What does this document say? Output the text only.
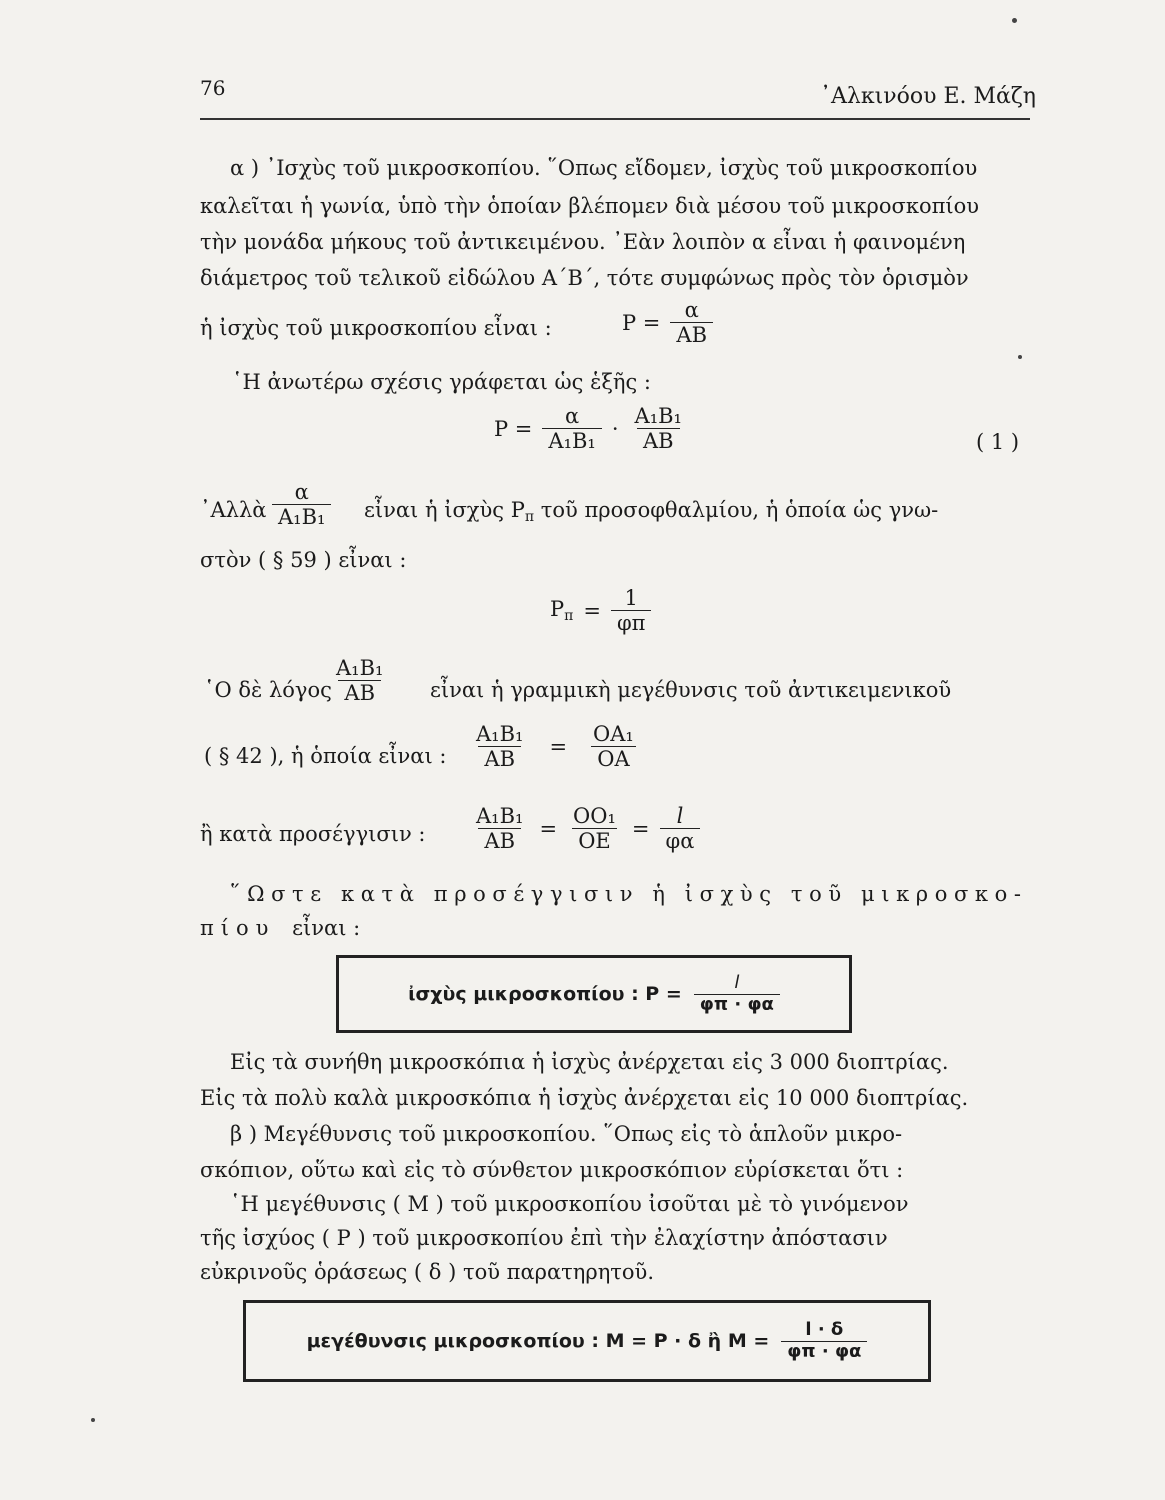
76	᾽Αλκινόου Ε. Μάζη
α ) ᾽Ισχὺς τοῦ μικροσκοπίου. ῞Οπως εἴδομεν, ἰσχὺς τοῦ μικροσκοπίου
καλεῖται ἡ γωνία, ὑπὸ τὴν ὁποίαν βλέπομεν διὰ μέσου τοῦ μικροσκοπίου
τὴν μονάδα μήκους τοῦ ἀντικειμένου. ᾽Εὰν λοιπὸν α εἶναι ἡ φαινομένη
διάμετρος τοῦ τελικοῦ εἰδώλου Α΄Β΄, τότε συμφώνως πρὸς τὸν ὁρισμὸν
ἡ ἰσχὺς τοῦ μικροσκοπίου εἶναι :	$P = \frac{\alpha}{AB}$
῾Η ἀνωτέρω σχέσις γράφεται ὡς ἑξῆς :
$P = \frac{\alpha}{\text{A₁B₁}} \cdot \frac{\text{A₁B₁}}{AB}$	( 1 )
᾽Αλλὰ $\frac{\alpha}{\text{A₁B₁}}$ εἶναι ἡ ἰσχὺς $P_\pi$ τοῦ προσοφθαλμίου, ἡ ὁποία ὡς γνω-
στὸν ( § 59 ) εἶναι :
$P_\pi = \frac{1}{\varphi\pi}$
῾Ο δὲ λόγος
$\frac{\text{A₁B₁}}{AB}$ εἶναι ἡ γραμμικὴ μεγέθυνσις τοῦ ἀντικειμενικοῦ
( § 42 ), ἡ ὁποία εἶναι : $\frac{\text{A₁B₁}}{AB} = \frac{\text{OA₁}}{OA}$
ἢ κατὰ προσέγγισιν : $\frac{\text{A₁B₁}}{AB} = \frac{\text{OO₁}}{OE} = \frac{l}{\varphi\alpha}$
῞Ωστε κατὰ προσέγγισιν ἡ ἰσχὺς τοῦ μικροσκο-
πίου εἶναι :
ἰσχὺς μικροσκοπίου : $P = \frac{l}{\varphi\pi \cdot \varphi\alpha}$
Εἰς τὰ συνήθη μικροσκόπια ἡ ἰσχὺς ἀνέρχεται εἰς 3 000 διοπτρίας.
Εἰς τὰ πολὺ καλὰ μικροσκόπια ἡ ἰσχὺς ἀνέρχεται εἰς 10 000 διοπτρίας.
β ) Μεγέθυνσις τοῦ μικροσκοπίου. ῞Οπως εἰς τὸ ἁπλοῦν μικρο-
σκόπιον, οὕτω καὶ εἰς τὸ σύνθετον μικροσκόπιον εὑρίσκεται ὅτι :
῾Η μεγέθυνσις ( M ) τοῦ μικροσκοπίου ἰσοῦται μὲ τὸ γινόμενον
τῆς ἰσχύος ( P ) τοῦ μικροσκοπίου ἐπὶ τὴν ἐλαχίστην ἀπόστασιν
εὐκρινοῦς ὁράσεως ( δ ) τοῦ παρατηρητοῦ.
μεγέθυνσις μικροσκοπίου : M = P · δ ἢ $M = \frac{l \cdot \delta}{\varphi\pi \cdot \varphi\alpha}$
